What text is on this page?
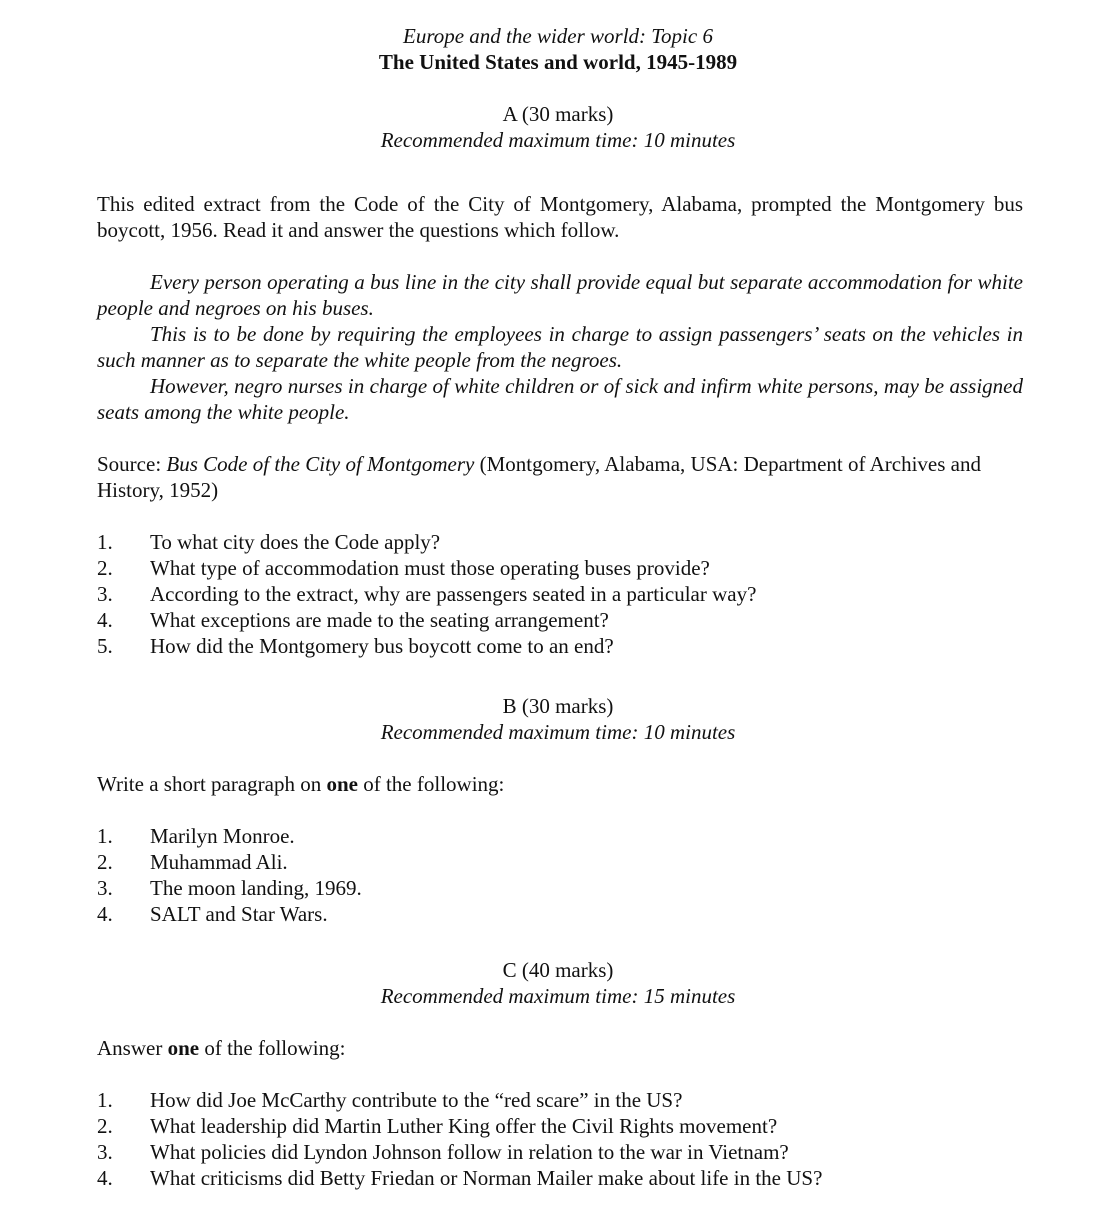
Europe and the wider world: Topic 6
The United States and world, 1945-1989
A (30 marks)
Recommended maximum time: 10 minutes
This edited extract from the Code of the City of Montgomery, Alabama, prompted the Montgomery bus boycott, 1956. Read it and answer the questions which follow.
Every person operating a bus line in the city shall provide equal but separate accommodation for white people and negroes on his buses.
This is to be done by requiring the employees in charge to assign passengers’ seats on the vehicles in such manner as to separate the white people from the negroes.
However, negro nurses in charge of white children or of sick and infirm white persons, may be assigned seats among the white people.
Source: Bus Code of the City of Montgomery (Montgomery, Alabama, USA: Department of Archives and History, 1952)
1.	To what city does the Code apply?
2.	What type of accommodation must those operating buses provide?
3.	According to the extract, why are passengers seated in a particular way?
4.	What exceptions are made to the seating arrangement?
5.	How did the Montgomery bus boycott come to an end?
B (30 marks)
Recommended maximum time: 10 minutes
Write a short paragraph on one of the following:
1.	Marilyn Monroe.
2.	Muhammad Ali.
3.	The moon landing, 1969.
4.	SALT and Star Wars.
C (40 marks)
Recommended maximum time: 15 minutes
Answer one of the following:
1.	How did Joe McCarthy contribute to the “red scare” in the US?
2.	What leadership did Martin Luther King offer the Civil Rights movement?
3.	What policies did Lyndon Johnson follow in relation to the war in Vietnam?
4.	What criticisms did Betty Friedan or Norman Mailer make about life in the US?
